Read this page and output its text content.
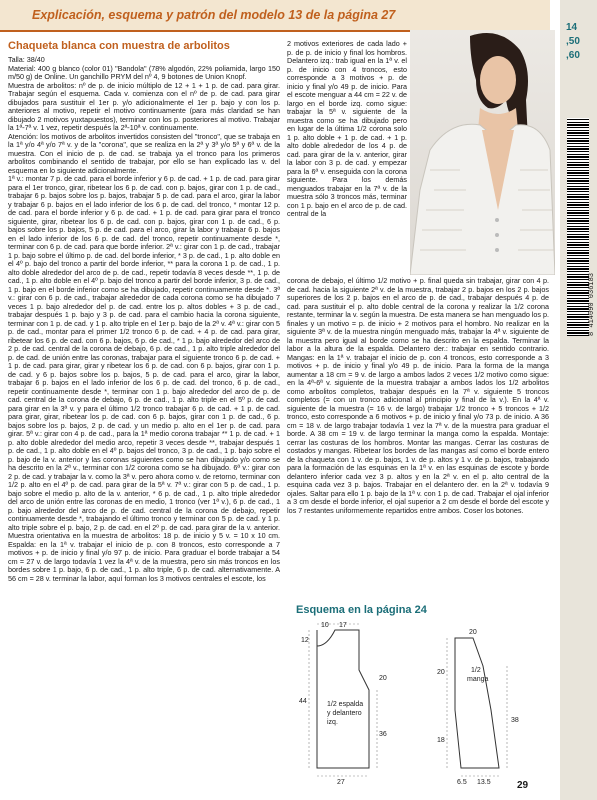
Explicación, esquema y patrón del modelo 13 de la página 27
14
,50
,60
8 414090 036183
Chaqueta blanca con muestra de arbolitos

Talla: 38/40

Material: 400 g blanco (color 01) "Bandola" (78% algodón, 22% poliamida, largo 150 m/50 g) de Online. Un ganchillo PRYM del nº 4, 9 botones de Union Knopf.

Muestra de arbolitos: nº de p. de inicio múltiplo de 12 + 1 + 1 p. de cad. para girar. Trabajar según el esquema. Cada v. comienza con el nº de p. de cad. para girar dibujados para sustituir el 1er p. y/o adicionalmente el 1er p. bajo y con los p. anteriores al motivo, repetir el motivo continuamente (para más claridad se han dibujado 2 motivos yuxtapuestos), terminar con los p. posteriores al motivo. Trabajar la 1ª-7ª v. 1 vez, repetir después la 2ª-10ª v. continuamente.

Atención: los motivos de arbolitos invertidos consisten del "tronco", que se trabaja en la 1ª y/o 4ª y/o 7ª v. y de la "corona", que se realiza en la 2ª y 3ª y/o 5ª y 6ª v. de la muestra. Con el inicio de p. de cad. se trabaja ya el tronco para los primeros arbolitos combinando el sentido de trabajar, por ello se han explicado las v. del esquema en lo siguiente adicionalmente.

1ª v.: montar 7 p. de cad. para el borde inferior y 6 p. de cad. + 1 p. de cad. para girar para el 1er tronco, girar, ribetear los 6 p. de cad. con p. bajos, girar con 1 p. de cad., trabajar 6 p. bajos sobre los p. bajos, trabajar 5 p. de cad. para el arco, girar la labor y trabajar 6 p. bajos en el lado inferior de los 6 p. de cad. del tronco, * montar 12 p. de cad. para el borde inferior y 6 p. de cad. + 1 p. de cad. para girar para el tronco siguiente, girar, ribetear los 6 p. de cad. con p. bajos, girar con 1 p. de cad., 6 p. bajos sobre los p. bajos, 5 p. de cad. para el arco, girar la labor y trabajar 6 p. bajos en el lado inferior de los 6 p. de cad. del tronco, repetir continuamente desde *, terminar con 6 p. de cad. para que borde inferior. 2ª v.: girar con 1 p. de cad., trabajar 1 p. bajo sobre el último p. de cad. del borde inferior, * 3 p. de cad., 1 p. alto doble en el 4º p. bajo del tronco a partir del borde inferior, ** para la corona 1 p. de cad., 1 p. alto doble alrededor del arco de p. de cad., repetir todavía 8 veces desde **, 1 p. de cad., 1 p. alto doble en el 4º p. bajo del tronco a partir del borde inferior, 3 p. de cad., 1 p. bajo en el borde inferior como se ha dibujado, repetir continuamente desde *. 3ª v.: girar con 6 p. de cad., trabajar alrededor de cada corona como se ha dibujado 7 veces 1 p. bajo alrededor del p. de cad. entre los p. altos dobles + 3 p. de cad., trabajar después 1 p. bajo y 3 p. de cad. para el cambio hacia la corona siguiente, terminar con 1 p. de cad. y 1 p. alto triple en el 1er p. bajo de la 2ª v. 4ª v.: girar con 5 p. de cad., montar para el primer 1/2 tronco 6 p. de cad. + 4 p. de cad. para girar, ribetear los 6 p. de cad. con 6 p. bajos, 6 p. de cad., * 1 p. bajo alrededor del arco de 2 p. de cad. central de la corona de debajo, 6 p. de cad., 1 p. alto triple alrededor del p. de cad. de unión entre las coronas, trabajar para el siguiente tronco 6 p. de cad. + 1 p. de cad. para girar, girar y ribetear los 6 p. de cad. con 6 p. bajos, girar con 1 p. de cad. y 6 p. bajos sobre los p. bajos, 5 p. de cad. para el arco, girar la labor, trabajar 6 p. bajos en el lado inferior de los 6 p. de cad. del tronco, 6 p. de cad., repetir continuamente desde *, terminar con 1 p. bajo alrededor del arco de p. de cad. central de la corona de debajo, 6 p. de cad., 1 p. alto triple en el 5º p. de cad. para girar en la 3ª v. y para el último 1/2 tronco trabajar 6 p. de cad. + 1 p. de cad. para girar, girar, ribetear los p. de cad. con 6 p. bajos, girar con 1 p. de cad., 6 p. bajos sobre los p. bajos, 2 p. de cad. y un medio p. alto en el 1er p. de cad. para girar. 5ª v.: girar con 4 p. de cad., para la 1ª medio corona trabajar ** 1 p. de cad. + 1 p. alto doble alrededor del medio arco, repetir 3 veces desde **, trabajar después 1 p. de cad., 1 p. alto doble en el 4º p. bajos del tronco, 3 p. de cad., 1 p. bajo sobre el p. bajo de la v. anterior y las coronas siguientes como se han dibujado y/o como se ha descrito en la 2ª v., terminar con 1/2 corona como se ha dibujado. 6ª v.: girar con 2 p. de cad. y trabajar la v. como la 3ª v. pero ahora como v. de retorno, terminar con 1/2 p. alto en el 4º p. de cad. para girar de la 5ª v. 7ª v.: girar con 5 p. de cad., 1 p. bajo sobre el medio p. alto de la v. anterior, * 6 p. de cad., 1 p. alto triple alrededor del arco de unión entre las coronas de en medio, 1 tronco (ver 1ª v.), 6 p. de cad., 1 p. bajo alrededor del arco de p. de cad. central de la corona de debajo, repetir continuamente desde *, trabajando el último tronco y terminar con 5 p. de cad. y 1 p. alto triple sobre el p. bajo, 2 p. de cad. en el 2º p. de cad. para girar de la v. anterior. Muestra orientativa en la muestra de arbolitos: 18 p. de inicio y 5 v. = 10 x 10 cm. Espalda: en la 1ª v. trabajar el inicio de p. con 8 troncos, esto corresponde a 7 motivos + p. de inicio y final y/o 97 p. de inicio. Para graduar el borde trabajar a 54 cm = 27 v. de largo todavía 1 vez la 4ª v. de la muestra, pero sin más troncos en los bordes sobre 1 p. bajo, 6 p. de cad., 1 p. alto triple, 6 p. de cad. alternativamente. A 56 cm = 28 v. terminar la labor, aquí forman los 3 motivos centrales el escote, los

2 motivos exteriores de cada lado + p. de p. de inicio y final los hombros. Delantero izq.: trab igual en la 1ª v. el p. de inicio con 4 troncos, esto corresponde a 3 motivos + p. de inicio y final y/o 49 p. de inicio. Para el escote menguar a 44 cm = 22 v. de largo en el borde izq. como sigue: trabajar la 5ª v. siguiente de la muestra como se ha dibujado pero en lugar de la última 1/2 corona solo 1 p. alto doble + 1 p. de cad. + 1 p. alto doble alrededor de los 4 p. de cad. para girar de la v. anterior, girar la labor con 3 p. de cad. y empezar para la 6ª v. enseguida con la corona siguiente. Para los demás menguados trabajar en la 7ª v. de la muestra sólo 3 troncos más, terminar con 1 p. bajo en el arco de p. de cad. central de la

corona de debajo, el último 1/2 motivo + p. final queda sin trabajar, girar con 4 p. de cad. hacia la siguiente 2ª v. de la muestra, trabajar 2 p. bajos en los 2 p. bajos superiores de los 2 p. bajos en el arco de p. de cad., trabajar después 4 p. de cad. para sustituir el p. alto doble central de la corona y realizar la 1/2 corona restante, terminar la v. según la muestra. De esta manera se han menguado los p. finales y un motivo = p. de inicio + 2 motivos para el hombro. No realizar en la siguiente 3ª v. de la muestra ningún menguado más, trabajar la 4ª v. siguiente de la muestra pero igual al borde como se ha descrito en la espalda. Terminar la labor a la altura de la espalda. Delantero der.: trabajar en sentido contrario. Mangas: en la 1ª v. trabajar el inicio de p. con 4 troncos, esto corresponde a 3 motivos + p. de inicio y final y/o 49 p. de inicio. Para la forma de la manga aumentar a 18 cm = 9 v. de largo a ambos lados 2 veces 1/2 motivo como sigue: en la 4ª-6ª v. siguiente de la muestra trabajar a ambos lados los 1/2 arbolitos como arbolitos completos, trabajar después en la 7ª v. siguiente 5 troncos completos (= con un tronco adicional al principio y final de la v.). En la 4ª v. siguiente de la muestra (= 16 v. de largo) trabajar 1/2 tronco + 5 troncos + 1/2 tronco, esto corresponde a 6 motivos + p. de inicio y final y/o 73 p. de inicio. A 36 cm = 18 v. de largo trabajar todavía 1 vez la 7ª v. de la muestra para graduar el borde. A 38 cm = 19 v. de largo terminar la manga como la espalda. Montaje: cerrar las costuras de los hombros. Montar las mangas. Cerrar las costuras de costados y mangas. Ribetear los bordes de las mangas así como el borde entero de la chaqueta con 1 v. de p. bajos, 1 v. de p. altos y 1 v. de p. bajos, trabajando para la formación de las esquinas en la 1ª v. en las esquinas de escote y borde delantero inferior cada vez 3 p. altos y en la 2ª v. en el p. alto central de la esquina cada vez 3 p. bajos. Trabajar en el delantero der. en la 2ª v. todavía 9 ojales. Saltar para ello 1 p. bajo de la 1ª v. con 1 p. de cad. Trabajar el ojal inferior a 3 cm desde el borde inferior, el ojal superior a 2 cm desde el borde del escote y los 7 restantes uniformemente repartidos entre ambos. Coser los botones.

Esquema en la página 24
10 17
12
44
36
27
20
1/2 espalda
y delantero
izq.
20
20
38
18
6,5 13,5
1/2
manga
29
